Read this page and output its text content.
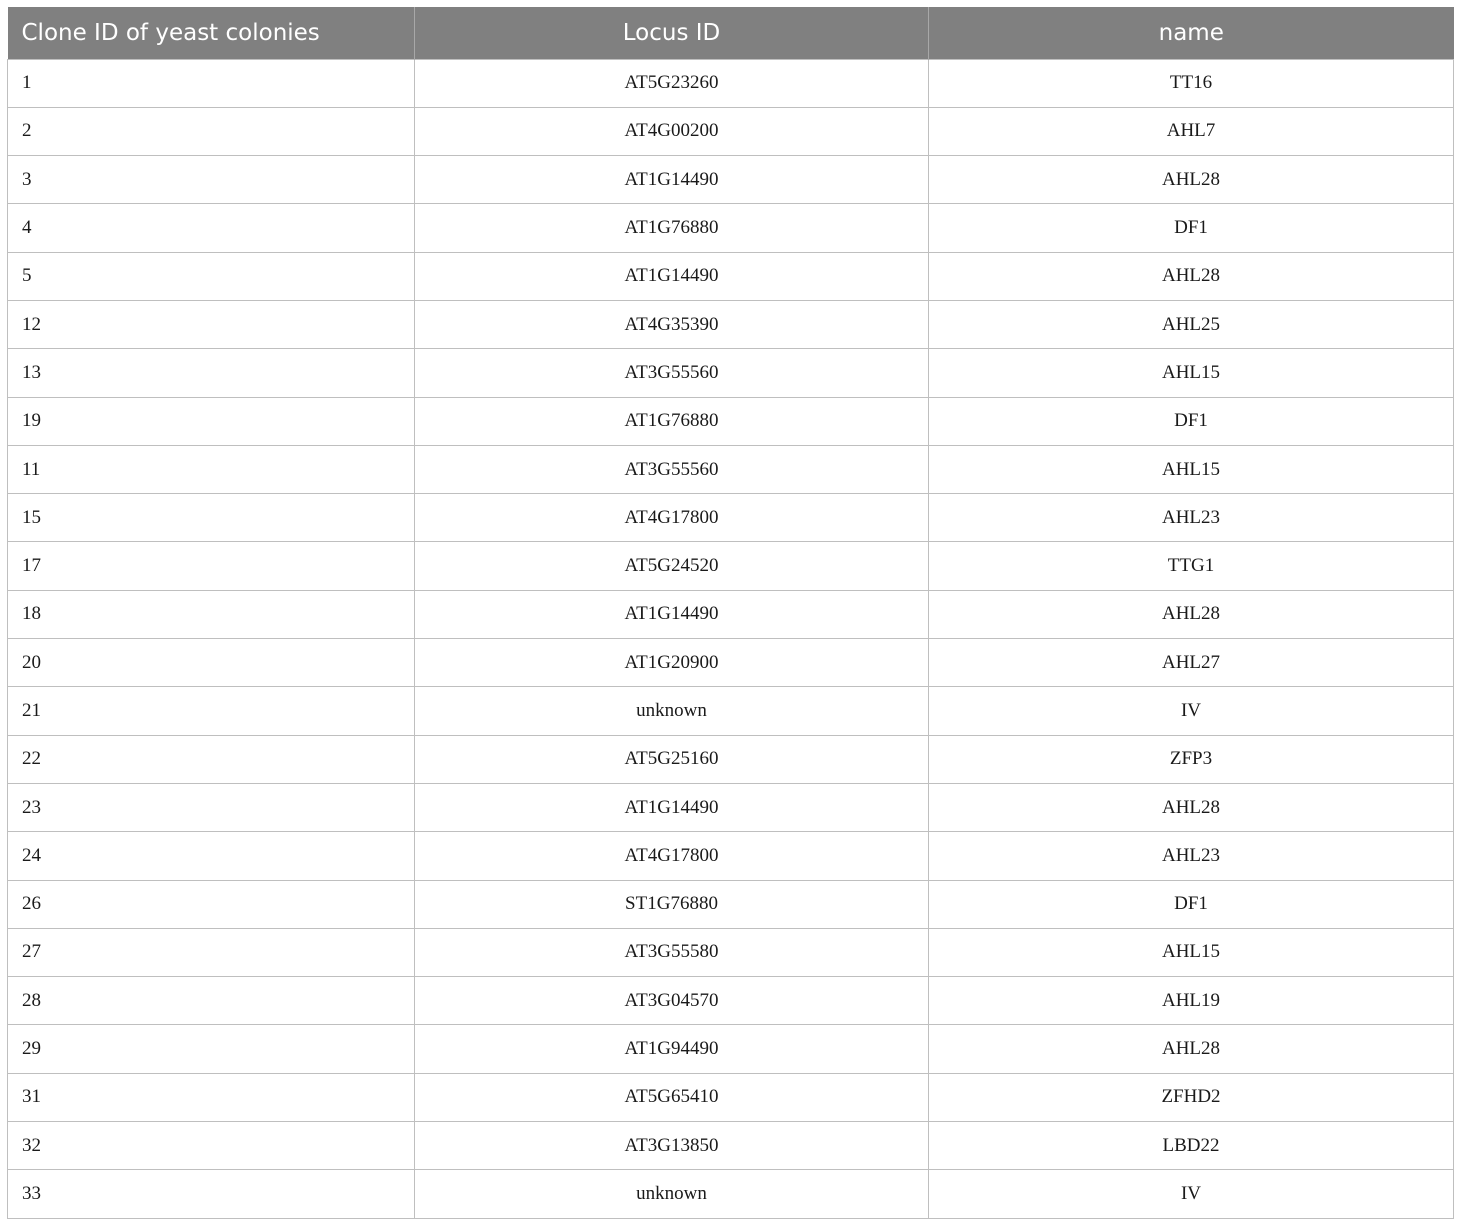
Clone ID of yeast colonies	Locus ID	name
1	AT5G23260	TT16
2	AT4G00200	AHL7
3	AT1G14490	AHL28
4	AT1G76880	DF1
5	AT1G14490	AHL28
12	AT4G35390	AHL25
13	AT3G55560	AHL15
19	AT1G76880	DF1
11	AT3G55560	AHL15
15	AT4G17800	AHL23
17	AT5G24520	TTG1
18	AT1G14490	AHL28
20	AT1G20900	AHL27
21	unknown	IV
22	AT5G25160	ZFP3
23	AT1G14490	AHL28
24	AT4G17800	AHL23
26	ST1G76880	DF1
27	AT3G55580	AHL15
28	AT3G04570	AHL19
29	AT1G94490	AHL28
31	AT5G65410	ZFHD2
32	AT3G13850	LBD22
33	unknown	IV
